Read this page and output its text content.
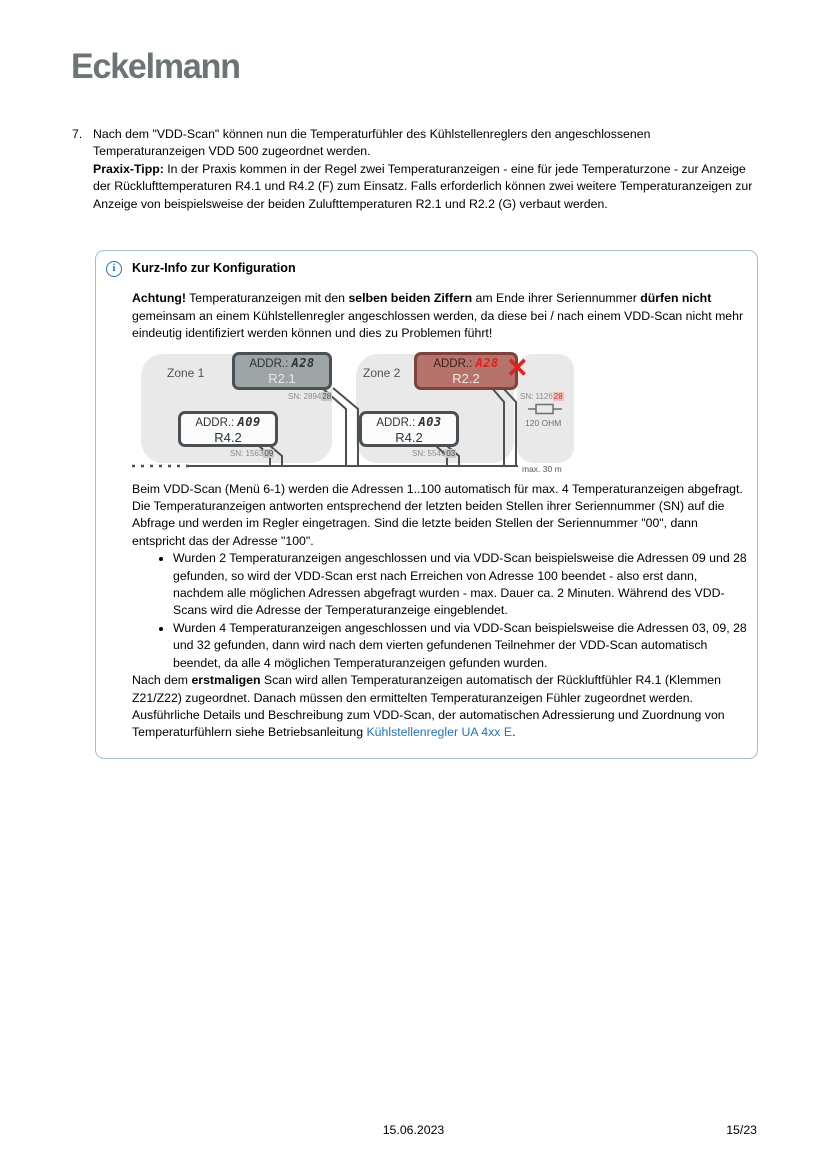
Eckelmann
7. Nach dem "VDD-Scan" können nun die Temperaturfühler des Kühlstellenreglers den angeschlossenen Temperaturanzeigen VDD 500 zugeordnet werden.
Praxix-Tipp: In der Praxis kommen in der Regel zwei Temperaturanzeigen - eine für jede Temperaturzone - zur Anzeige der Rücklufttemperaturen R4.1 und R4.2 (F) zum Einsatz. Falls erforderlich können zwei weitere Temperaturanzeigen zur Anzeige von beispielsweise der beiden Zulufttemperaturen R2.1 und R2.2 (G) verbaut werden.
i	Kurz-Info zur Konfiguration

Achtung! Temperaturanzeigen mit den selben beiden Ziffern am Ende ihrer Seriennummer dürfen nicht gemeinsam an einem Kühlstellenregler angeschlossen werden, da diese bei / nach einem VDD-Scan nicht mehr eindeutig identifiziert werden können und dies zu Problemen führt!

Zone 1	Zone 2
ADDR.: A28
R2.1
ADDR.: A09
R4.2
ADDR.: A28
R2.2
ADDR.: A03
R4.2
SN: 289428
SN: 156309
SN: 112628
SN: 554903
✕
120 OHM
max. 30 m

Beim VDD-Scan (Menü 6-1) werden die Adressen 1..100 automatisch für max. 4 Temperaturanzeigen abgefragt. Die Temperaturanzeigen antworten entsprechend der letzten beiden Stellen ihrer Seriennummer (SN) auf die Abfrage und werden im Regler eingetragen. Sind die letzte beiden Stellen der Seriennummer "00", dann entspricht das der Adresse "100".

• Wurden 2 Temperaturanzeigen angeschlossen und via VDD-Scan beispielsweise die Adressen 09 und 28 gefunden, so wird der VDD-Scan erst nach Erreichen von Adresse 100 beendet - also erst dann, nachdem alle möglichen Adressen abgefragt wurden - max. Dauer ca. 2 Minuten. Während des VDD-Scans wird die Adresse der Temperaturanzeige eingeblendet.
• Wurden 4 Temperaturanzeigen angeschlossen und via VDD-Scan beispielsweise die Adressen 03, 09, 28 und 32 gefunden, dann wird nach dem vierten gefundenen Teilnehmer der VDD-Scan automatisch beendet, da alle 4 möglichen Temperaturanzeigen gefunden wurden.

Nach dem erstmaligen Scan wird allen Temperaturanzeigen automatisch der Rückluftfühler R4.1 (Klemmen Z21/Z22) zugeordnet. Danach müssen den ermittelten Temperaturanzeigen Fühler zugeordnet werden. Ausführliche Details und Beschreibung zum VDD-Scan, der automatischen Adressierung und Zuordnung von Temperaturfühlern siehe Betriebsanleitung Kühlstellenregler UA 4xx E.

15.06.2023	15/23
